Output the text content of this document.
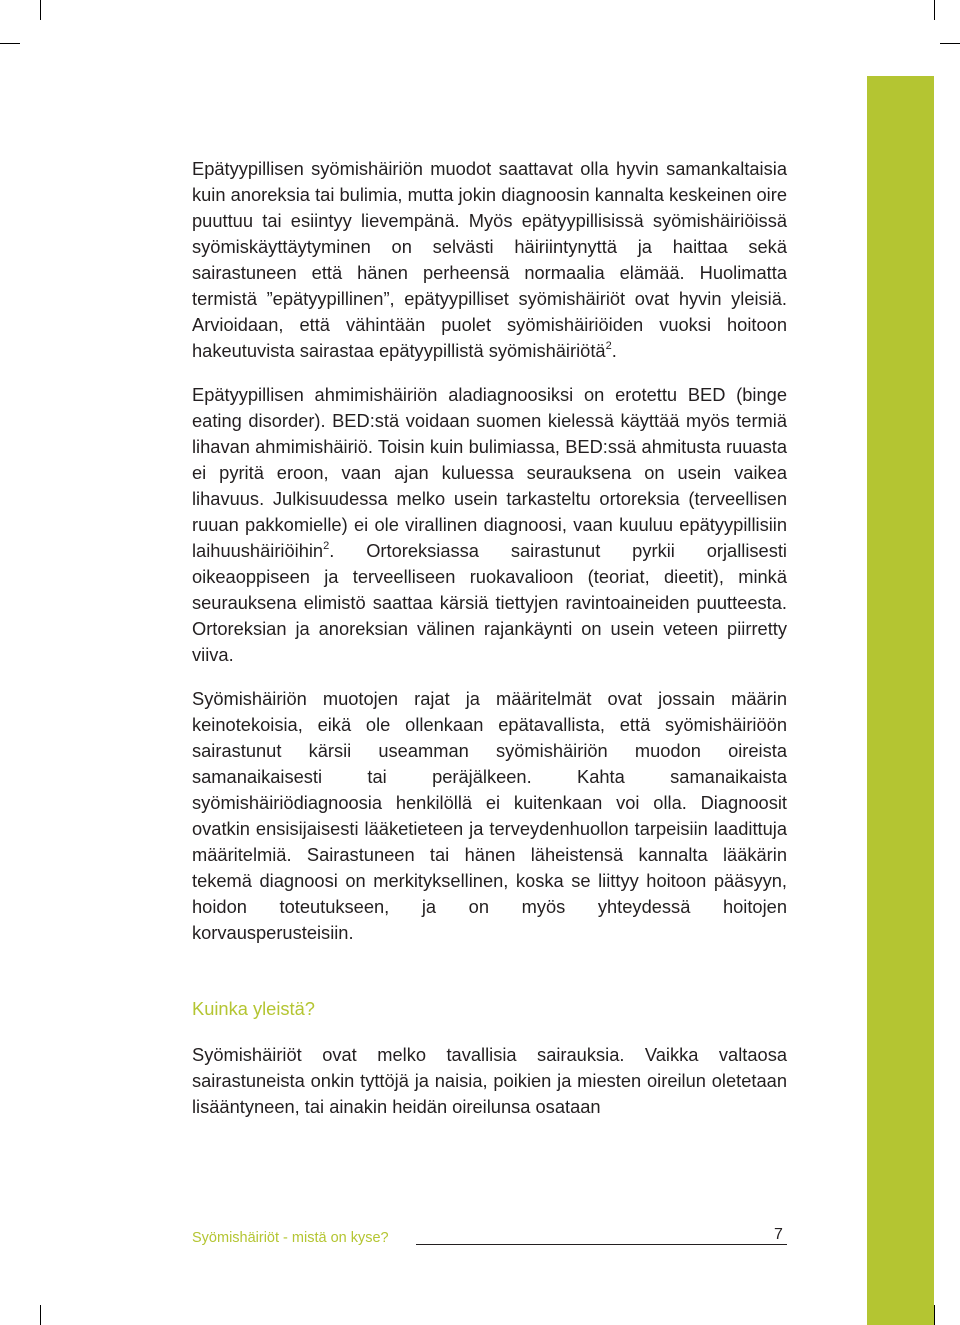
Epätyypillisen syömishäiriön muodot saattavat olla hyvin samankaltaisia kuin anoreksia tai bulimia, mutta jokin diagnoosin kannalta keskeinen oire puuttuu tai esiintyy lievempänä. Myös epätyypillisissä syömishäiriöissä syömiskäyttäytyminen on selvästi häiriintynyttä ja haittaa sekä sairastuneen että hänen perheensä normaalia elämää. Huolimatta termistä ”epätyypillinen”, epätyypilliset syömishäiriöt ovat hyvin yleisiä. Arvioidaan, että vähintään puolet syömishäiriöiden vuoksi hoitoon hakeutuvista sairastaa epätyypillistä syömishäiriötä$^2$.

Epätyypillisen ahmimishäiriön aladiagnoosiksi on erotettu BED (binge eating disorder). BED:stä voidaan suomen kielessä käyttää myös termiä lihavan ahmimishäiriö. Toisin kuin bulimiassa, BED:ssä ahmitusta ruuasta ei pyritä eroon, vaan ajan kuluessa seurauksena on usein vaikea lihavuus. Julkisuudessa melko usein tarkasteltu ortoreksia (terveellisen ruuan pakkomielle) ei ole virallinen diagnoosi, vaan kuuluu epätyypillisiin laihuushäiriöihin$^2$. Ortoreksiassa sairastunut pyrkii orjallisesti oikeaoppiseen ja terveelliseen ruokavalioon (teoriat, dieetit), minkä seurauksena elimistö saattaa kärsiä tiettyjen ravintoaineiden puutteesta. Ortoreksian ja anoreksian välinen rajankäynti on usein veteen piirretty viiva.

Syömishäiriön muotojen rajat ja määritelmät ovat jossain määrin keinotekoisia, eikä ole ollenkaan epätavallista, että syömishäiriöön sairastunut kärsii useamman syömishäiriön muodon oireista samanaikaisesti tai peräjälkeen. Kahta samanaikaista syömishäiriödiagnoosia henkilöllä ei kuitenkaan voi olla. Diagnoosit ovatkin ensisijaisesti lääketieteen ja terveydenhuollon tarpeisiin laadittuja määritelmiä. Sairastuneen tai hänen läheistensä kannalta lääkärin tekemä diagnoosi on merkityksellinen, koska se liittyy hoitoon pääsyyn, hoidon toteutukseen, ja on myös yhteydessä hoitojen korvausperusteisiin.

Kuinka yleistä?

Syömishäiriöt ovat melko tavallisia sairauksia. Vaikka valtaosa sairastuneista onkin tyttöjä ja naisia, poikien ja miesten oireilun oletetaan lisääntyneen, tai ainakin heidän oireilunsa osataan

Syömishäiriöt - mistä on kyse?	7
